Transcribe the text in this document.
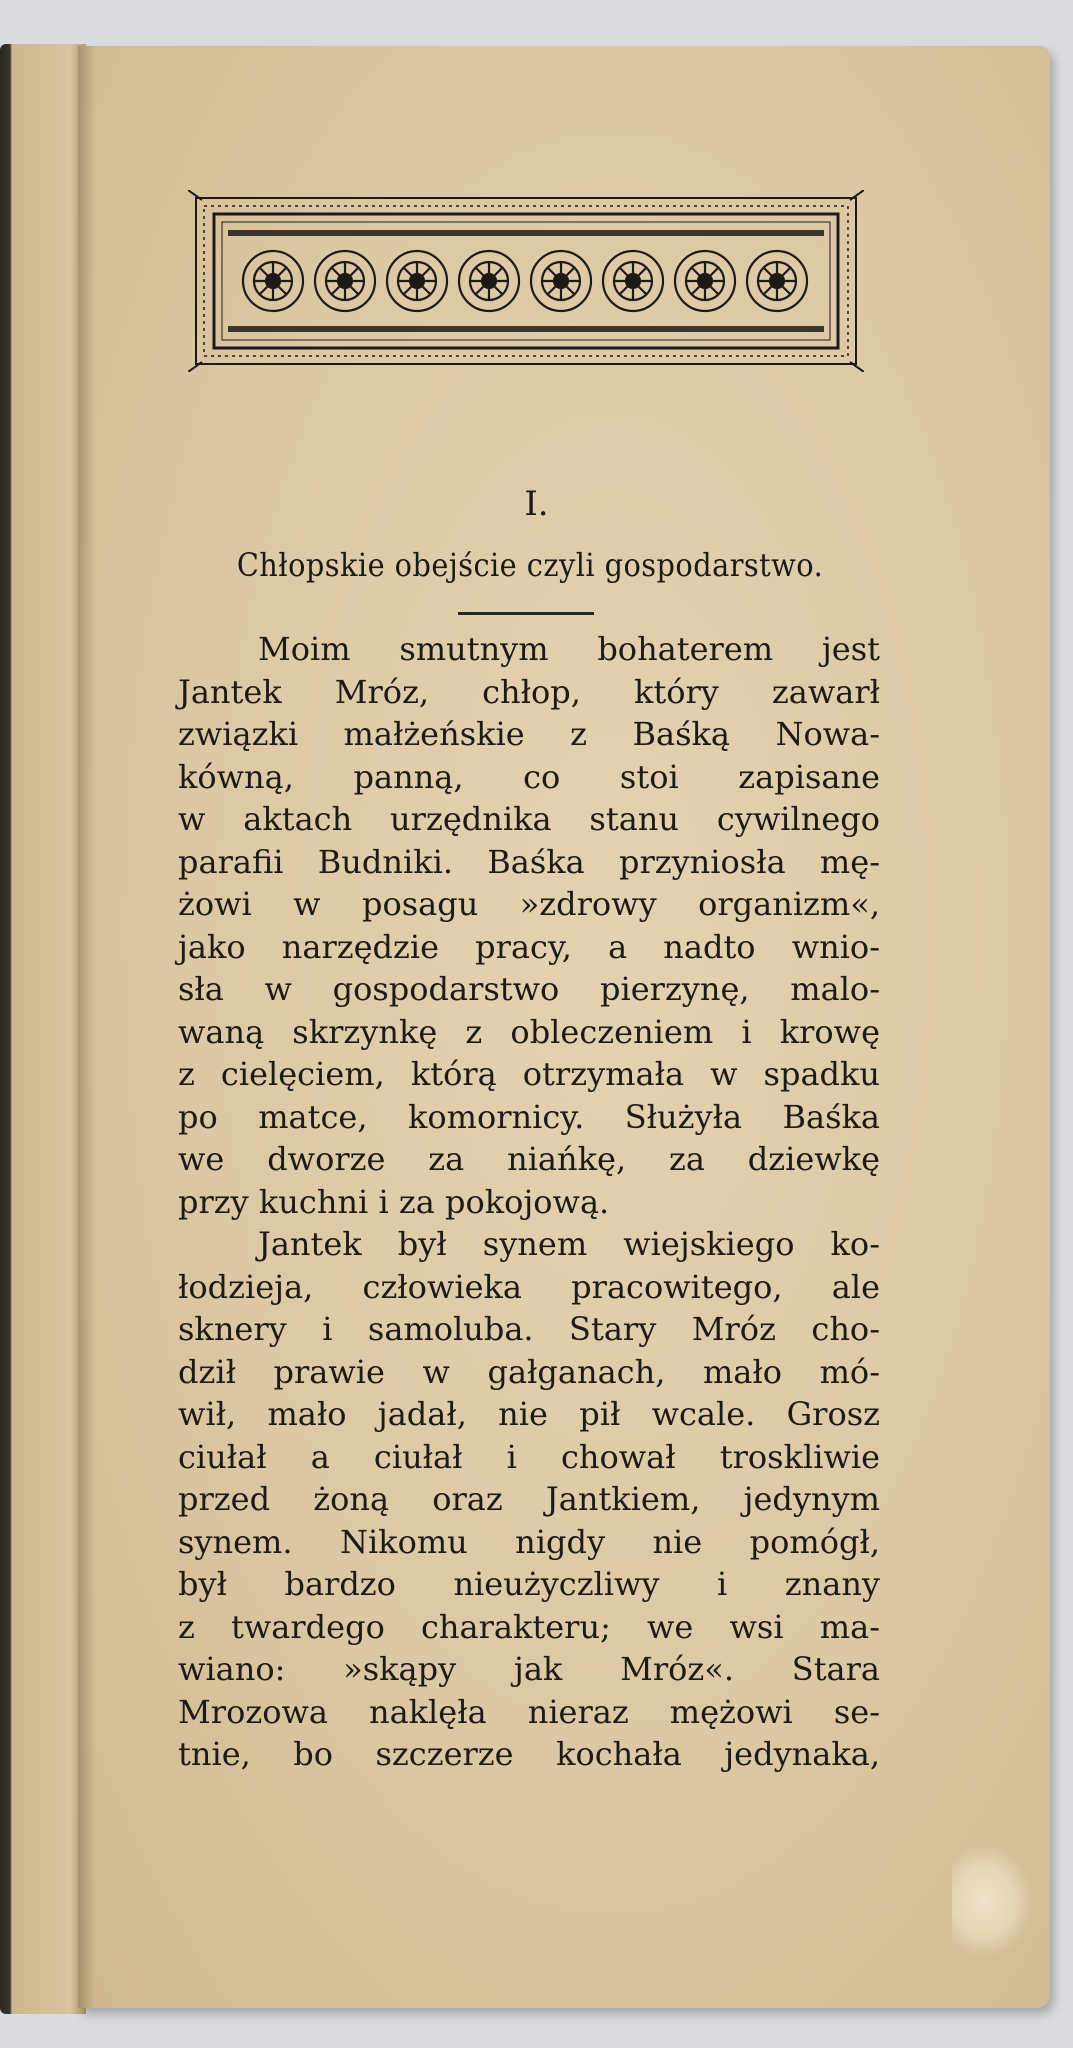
I.
Chłopskie obejście czyli gospodarstwo.
Moim smutnym bohaterem jest
Jantek Mróz, chłop, który zawarł
związki małżeńskie z Baśką Nowa-
kówną, panną, co stoi zapisane
w aktach urzędnika stanu cywilnego
parafii Budniki. Baśka przyniosła mę-
żowi w posagu »zdrowy organizm«,
jako narzędzie pracy, a nadto wnio-
sła w gospodarstwo pierzynę, malo-
waną skrzynkę z obleczeniem i krowę
z cielęciem, którą otrzymała w spadku
po matce, komornicy. Służyła Baśka
we dworze za niańkę, za dziewkę
przy kuchni i za pokojową.
Jantek był synem wiejskiego ko-
łodzieja, człowieka pracowitego, ale
sknery i samoluba. Stary Mróz cho-
dził prawie w gałganach, mało mó-
wił, mało jadał, nie pił wcale. Grosz
ciułał a ciułał i chował troskliwie
przed żoną oraz Jantkiem, jedynym
synem. Nikomu nigdy nie pomógł,
był bardzo nieużyczliwy i znany
z twardego charakteru; we wsi ma-
wiano: »skąpy jak Mróz«. Stara
Mrozowa naklęła nieraz mężowi se-
tnie, bo szczerze kochała jedynaka,
